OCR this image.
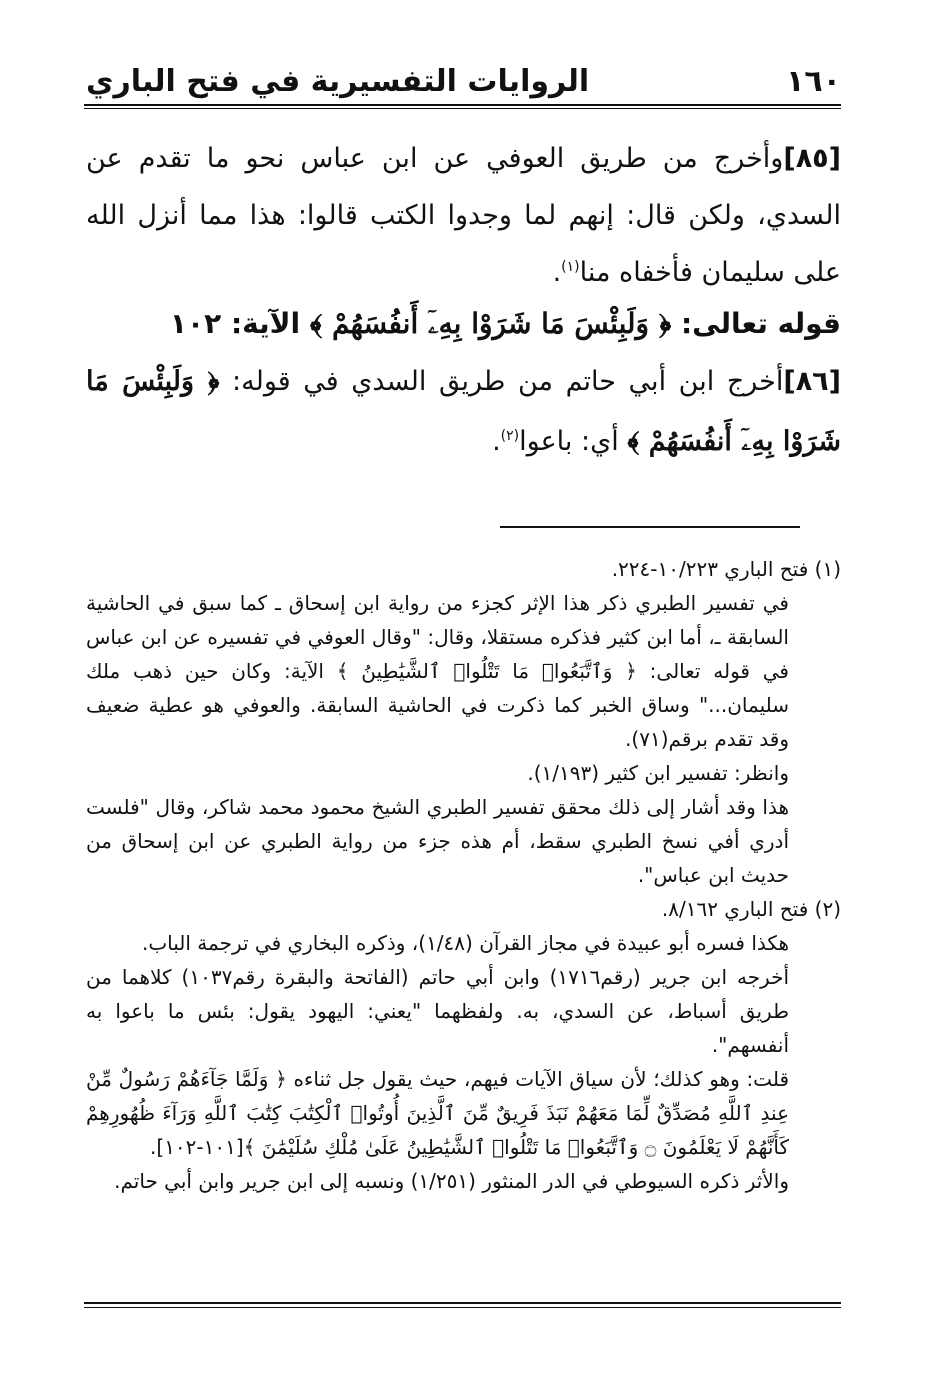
١٦٠
الروايات التفسيرية في فتح الباري
[٨٥]وأخرج من طريق العوفي عن ابن عباس نحو ما تقدم عن السدي، ولكن قال: إنهم لما وجدوا الكتب قالوا: هذا مما أنزل الله على سليمان فأخفاه منا$^{(١)}$.
قوله تعالى: ﴿ وَلَبِئْسَ مَا شَرَوْا بِهِۦٓ أَنفُسَهُمْ ﴾ الآية: ١٠٢
[٨٦]أخرج ابن أبي حاتم من طريق السدي في قوله: ﴿ وَلَبِئْسَ مَا شَرَوْا بِهِۦٓ أَنفُسَهُمْ ﴾ أي: باعوا$^{(٢)}$.
(١) فتح الباري ١٠/٢٢٣-٢٢٤.
في تفسير الطبري ذكر هذا الإثر كجزء من رواية ابن إسحاق ـ كما سبق في الحاشية السابقة ـ، أما ابن كثير فذكره مستقلا، وقال: "وقال العوفي في تفسيره عن ابن عباس في قوله تعالى: ﴿ وَٱتَّبَعُوا۟ مَا تَتْلُوا۟ ٱلشَّيَٰطِينُ ﴾ الآية: وكان حين ذهب ملك سليمان..." وساق الخبر كما ذكرت في الحاشية السابقة. والعوفي هو عطية ضعيف وقد تقدم برقم(٧١).
وانظر: تفسير ابن كثير (١/١٩٣).
هذا وقد أشار إلى ذلك محقق تفسير الطبري الشيخ محمود محمد شاكر، وقال "فلست أدري أفي نسخ الطبري سقط، أم هذه جزء من رواية الطبري عن ابن إسحاق من حديث ابن عباس".
(٢) فتح الباري ٨/١٦٢.
هكذا فسره أبو عبيدة في مجاز القرآن (١/٤٨)، وذكره البخاري في ترجمة الباب.
أخرجه ابن جرير (رقم١٧١٦) وابن أبي حاتم (الفاتحة والبقرة رقم١٠٣٧) كلاهما من طريق أسباط، عن السدي، به. ولفظهما "يعني: اليهود يقول: بئس ما باعوا به أنفسهم".
قلت: وهو كذلك؛ لأن سياق الآيات فيهم، حيث يقول جل ثناءه ﴿ وَلَمَّا جَآءَهُمْ رَسُولٌ مِّنْ عِندِ ٱللَّهِ مُصَدِّقٌ لِّمَا مَعَهُمْ نَبَذَ فَرِيقٌ مِّنَ ٱلَّذِينَ أُوتُوا۟ ٱلْكِتَٰبَ كِتَٰبَ ٱللَّهِ وَرَآءَ ظُهُورِهِمْ كَأَنَّهُمْ لَا يَعْلَمُونَ ۝ وَٱتَّبَعُوا۟ مَا تَتْلُوا۟ ٱلشَّيَٰطِينُ عَلَىٰ مُلْكِ سُلَيْمَٰنَ ﴾[١٠١-١٠٢].
والأثر ذكره السيوطي في الدر المنثور (١/٢٥١) ونسبه إلى ابن جرير وابن أبي حاتم.
